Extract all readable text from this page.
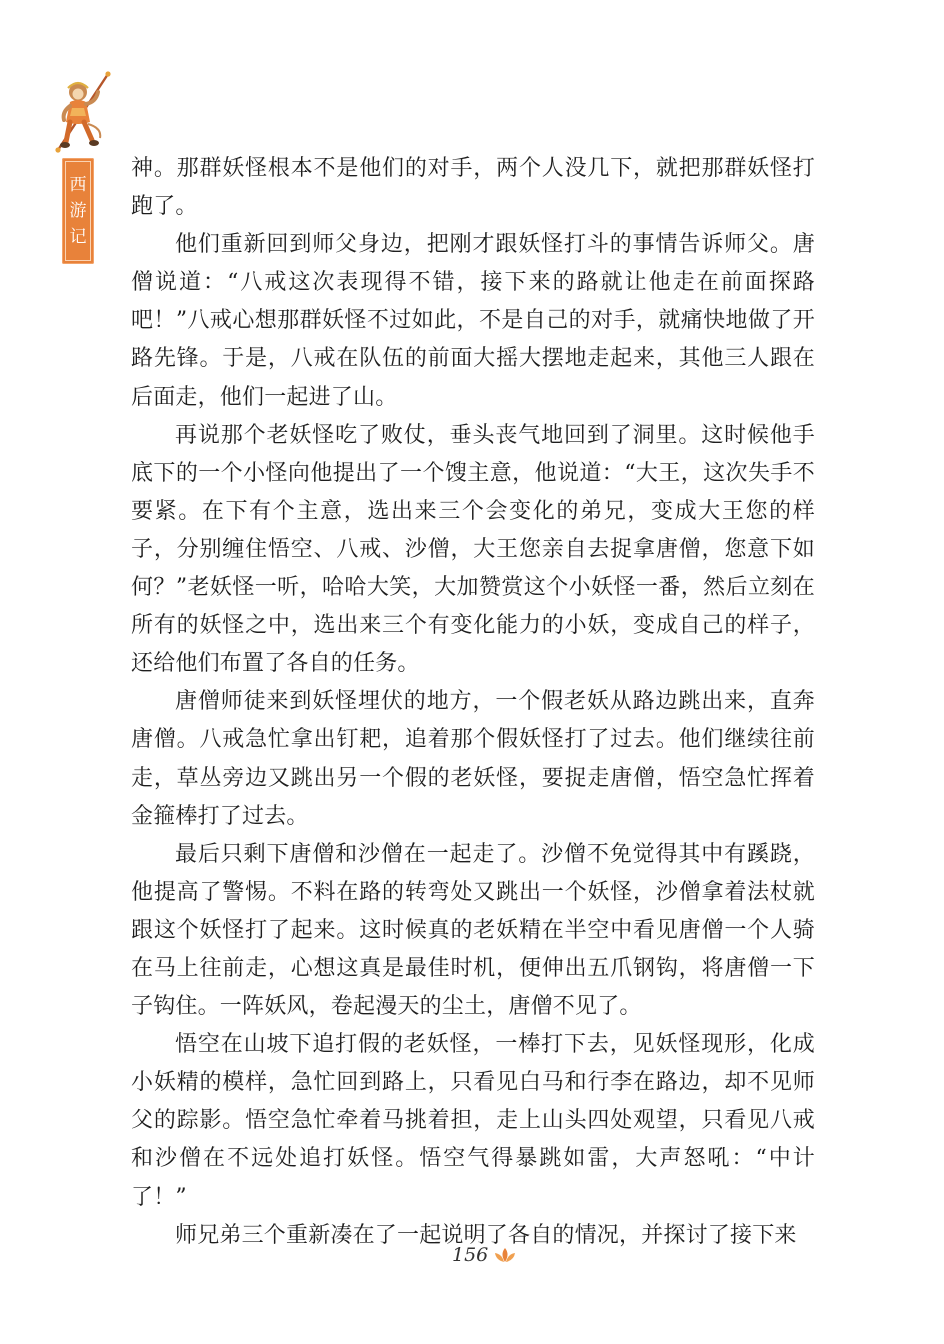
西
游
记

神。那群妖怪根本不是他们的对手，两个人没几下，就把那群妖怪打跑了。

他们重新回到师父身边，把刚才跟妖怪打斗的事情告诉师父。唐僧说道：“八戒这次表现得不错，接下来的路就让他走在前面探路吧！”八戒心想那群妖怪不过如此，不是自己的对手，就痛快地做了开路先锋。于是，八戒在队伍的前面大摇大摆地走起来，其他三人跟在后面走，他们一起进了山。

再说那个老妖怪吃了败仗，垂头丧气地回到了洞里。这时候他手底下的一个小怪向他提出了一个馊主意，他说道：“大王，这次失手不要紧。在下有个主意，选出来三个会变化的弟兄，变成大王您的样子，分别缠住悟空、八戒、沙僧，大王您亲自去捉拿唐僧，您意下如何？”老妖怪一听，哈哈大笑，大加赞赏这个小妖怪一番，然后立刻在所有的妖怪之中，选出来三个有变化能力的小妖，变成自己的样子，还给他们布置了各自的任务。

唐僧师徒来到妖怪埋伏的地方，一个假老妖从路边跳出来，直奔唐僧。八戒急忙拿出钉耙，追着那个假妖怪打了过去。他们继续往前走，草丛旁边又跳出另一个假的老妖怪，要捉走唐僧，悟空急忙挥着金箍棒打了过去。

最后只剩下唐僧和沙僧在一起走了。沙僧不免觉得其中有蹊跷，他提高了警惕。不料在路的转弯处又跳出一个妖怪，沙僧拿着法杖就跟这个妖怪打了起来。这时候真的老妖精在半空中看见唐僧一个人骑在马上往前走，心想这真是最佳时机，便伸出五爪钢钩，将唐僧一下子钩住。一阵妖风，卷起漫天的尘土，唐僧不见了。

悟空在山坡下追打假的老妖怪，一棒打下去，见妖怪现形，化成小妖精的模样，急忙回到路上，只看见白马和行李在路边，却不见师父的踪影。悟空急忙牵着马挑着担，走上山头四处观望，只看见八戒和沙僧在不远处追打妖怪。悟空气得暴跳如雷，大声怒吼：“中计了！”

师兄弟三个重新凑在了一起说明了各自的情况，并探讨了接下来

156
